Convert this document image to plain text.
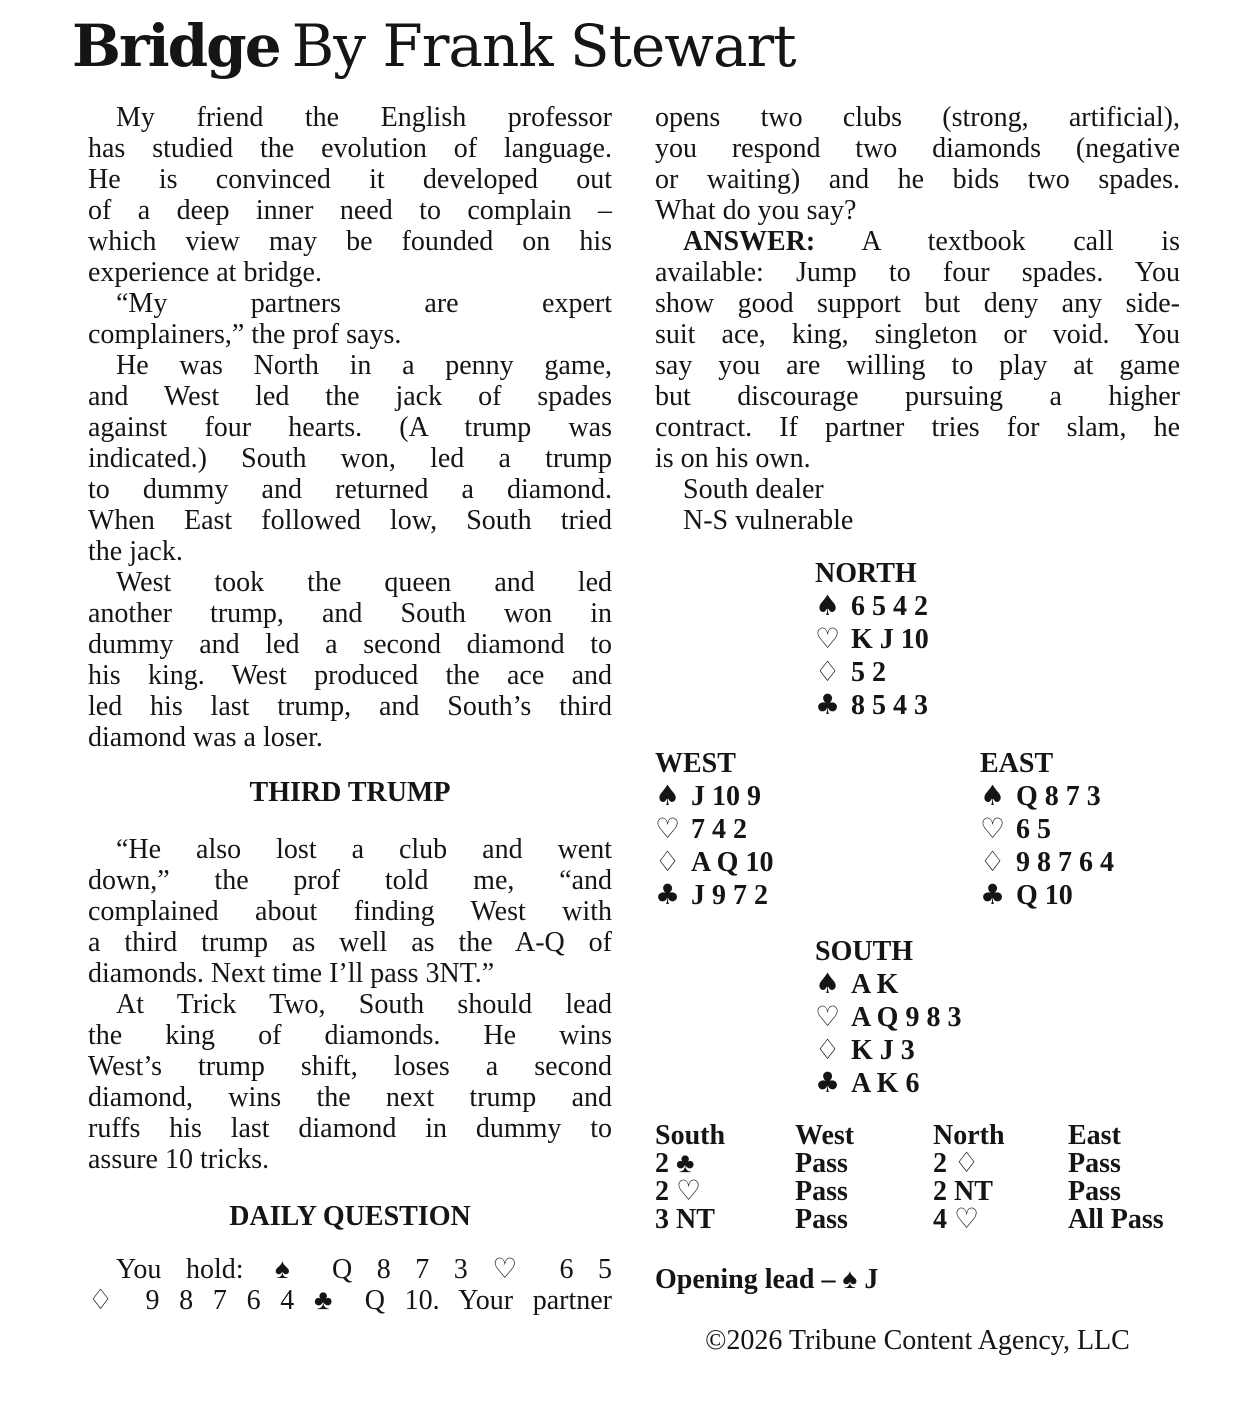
Bridge By Frank Stewart
My friend the English professor
has studied the evolution of language.
He is convinced it developed out
of a deep inner need to complain –
which view may be founded on his
experience at bridge.
“My partners are expert
complainers,” the prof says.
He was North in a penny game,
and West led the jack of spades
against four hearts. (A trump was
indicated.) South won, led a trump
to dummy and returned a diamond.
When East followed low, South tried
the jack.
West took the queen and led
another trump, and South won in
dummy and led a second diamond to
his king. West produced the ace and
led his last trump, and South’s third
diamond was a loser.
THIRD TRUMP
“He also lost a club and went
down,” the prof told me, “and
complained about finding West with
a third trump as well as the A-Q of
diamonds. Next time I’ll pass 3NT.”
At Trick Two, South should lead
the king of diamonds. He wins
West’s trump shift, loses a second
diamond, wins the next trump and
ruffs his last diamond in dummy to
assure 10 tricks.
DAILY QUESTION
You hold: ♠ Q 8 7 3 ♡ 6 5
♢ 9 8 7 6 4 ♣ Q 10. Your partner
opens two clubs (strong, artificial),
you respond two diamonds (negative
or waiting) and he bids two spades.
What do you say?
ANSWER: A textbook call is
available: Jump to four spades. You
show good support but deny any side-
suit ace, king, singleton or void. You
say you are willing to play at game
but discourage pursuing a higher
contract. If partner tries for slam, he
is on his own.
South dealer
N-S vulnerable
NORTH
♠ 6 5 4 2
♡ K J 10
♢ 5 2
♣ 8 5 4 3
WEST
♠ J 10 9
♡ 7 4 2
♢ A Q 10
♣ J 9 7 2
EAST
♠ Q 8 7 3
♡ 6 5
♢ 9 8 7 6 4
♣ Q 10
SOUTH
♠ A K
♡ A Q 9 8 3
♢ K J 3
♣ A K 6
South	West	North	East
2 ♣	Pass	2 ♢	Pass
2 ♡	Pass	2 NT	Pass
3 NT	Pass	4 ♡	All Pass
Opening lead – ♠ J
©2026 Tribune Content Agency, LLC
